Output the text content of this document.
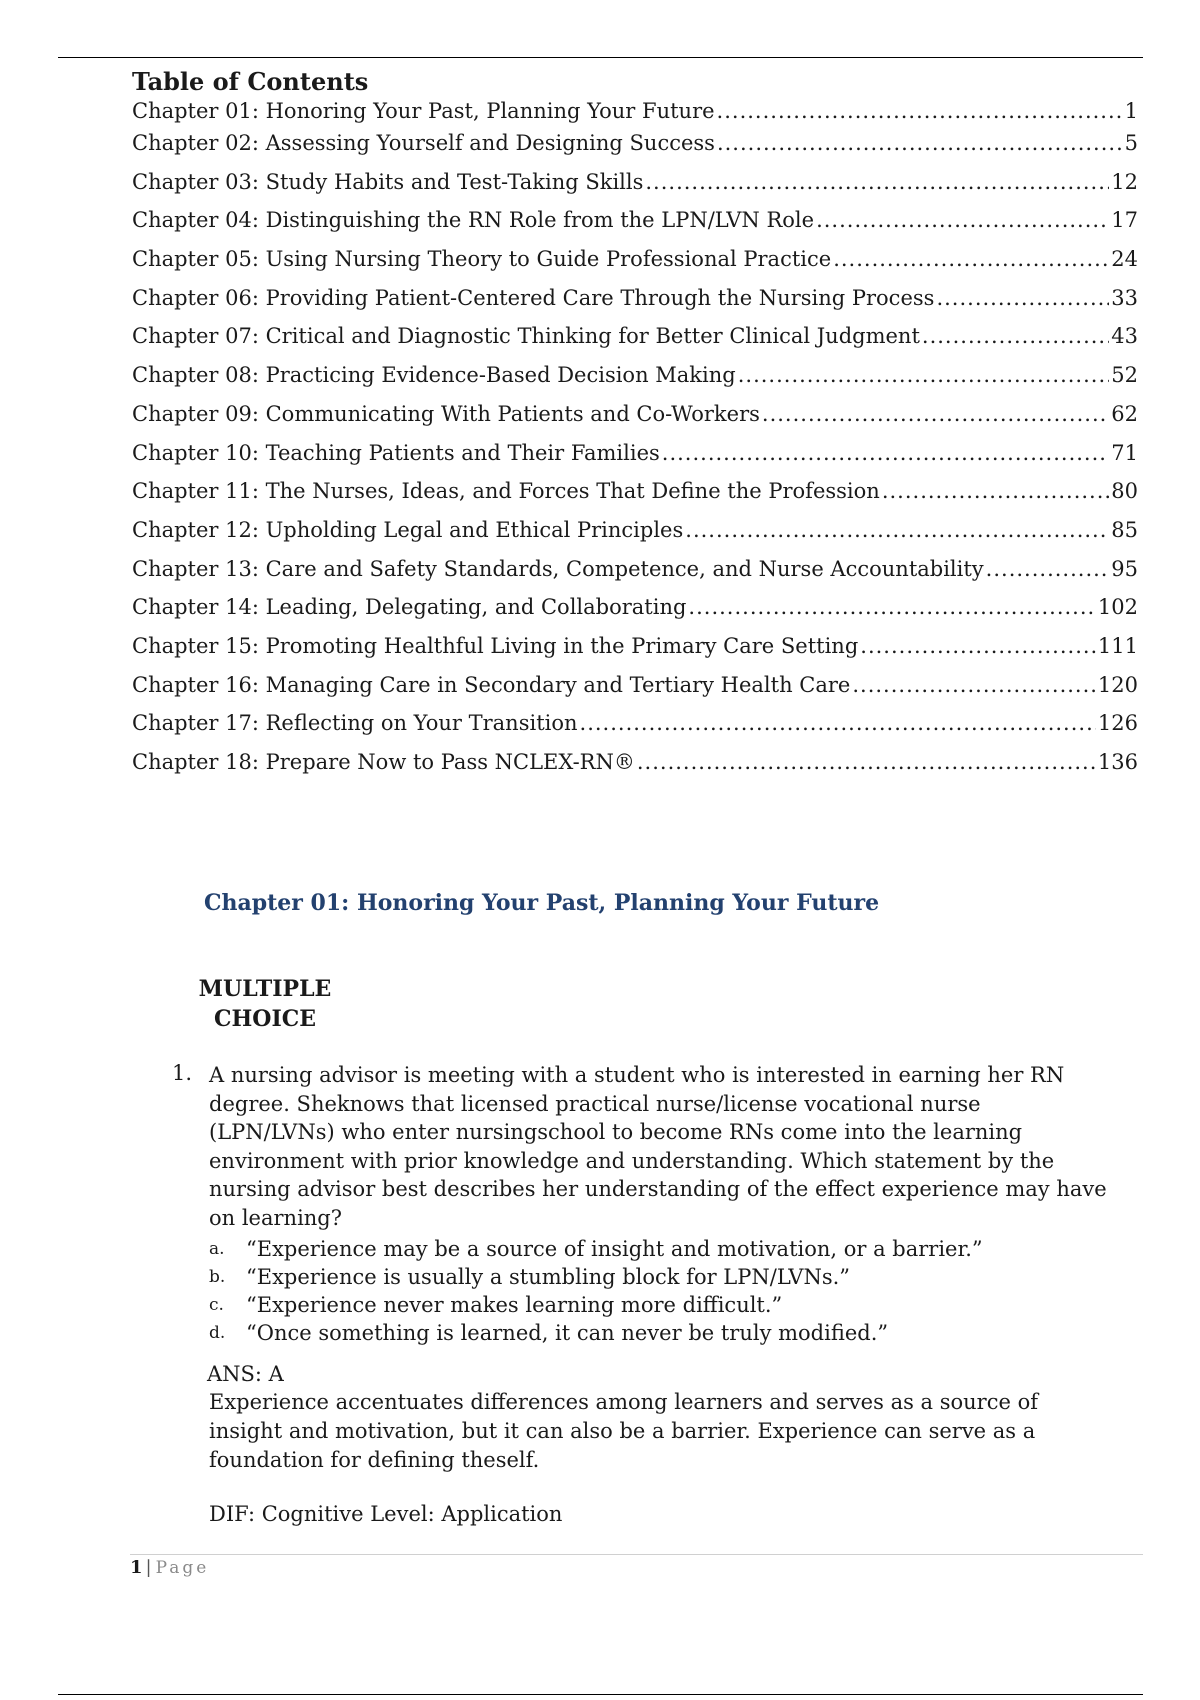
Table of Contents
Chapter 01: Honoring Your Past, Planning Your Future .....	1
Chapter 02: Assessing Yourself and Designing Success .....	5
Chapter 03: Study Habits and Test-Taking Skills .....	12
Chapter 04: Distinguishing the RN Role from the LPN/LVN Role .....	17
Chapter 05: Using Nursing Theory to Guide Professional Practice .....	24
Chapter 06: Providing Patient-Centered Care Through the Nursing Process .....	33
Chapter 07: Critical and Diagnostic Thinking for Better Clinical Judgment .....	43
Chapter 08: Practicing Evidence-Based Decision Making .....	52
Chapter 09: Communicating With Patients and Co-Workers .....	62
Chapter 10: Teaching Patients and Their Families .....	71
Chapter 11: The Nurses, Ideas, and Forces That Define the Profession .....	80
Chapter 12: Upholding Legal and Ethical Principles .....	85
Chapter 13: Care and Safety Standards, Competence, and Nurse Accountability .....	95
Chapter 14: Leading, Delegating, and Collaborating .....	102
Chapter 15: Promoting Healthful Living in the Primary Care Setting .....	111
Chapter 16: Managing Care in Secondary and Tertiary Health Care .....	120
Chapter 17: Reflecting on Your Transition .....	126
Chapter 18: Prepare Now to Pass NCLEX-RN® .....	136
Chapter 01: Honoring Your Past, Planning Your Future
MULTIPLE
CHOICE
1. A nursing advisor is meeting with a student who is interested in earning her RN degree. Sheknows that licensed practical nurse/license vocational nurse (LPN/LVNs) who enter nursingschool to become RNs come into the learning environment with prior knowledge and understanding. Which statement by the nursing advisor best describes her understanding of the effect experience may have on learning?

a. “Experience may be a source of insight and motivation, or a barrier.”
b. “Experience is usually a stumbling block for LPN/LVNs.”
c. “Experience never makes learning more difficult.”
d. “Once something is learned, it can never be truly modified.”
ANS: A

Experience accentuates differences among learners and serves as a source of insight and motivation, but it can also be a barrier. Experience can serve as a foundation for defining theself.

DIF: Cognitive Level: Application
1 | Page
